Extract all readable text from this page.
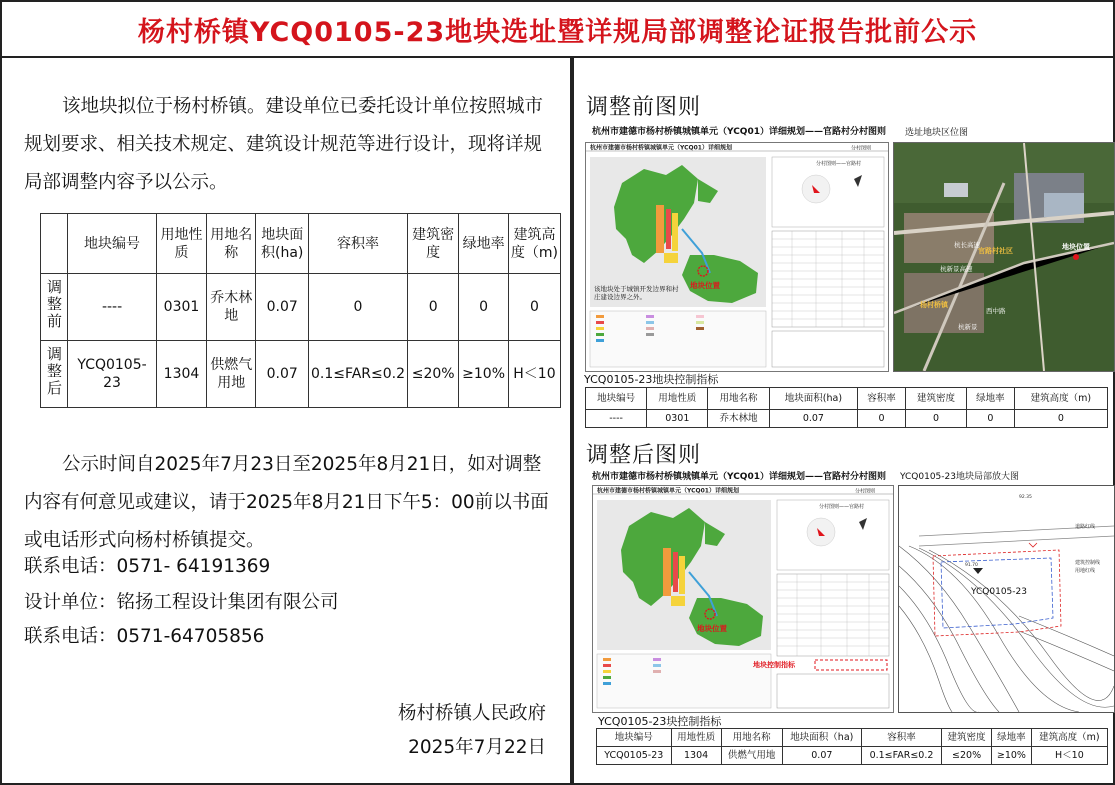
杨村桥镇YCQ0105-23地块选址暨详规局部调整论证报告批前公示

该地块拟位于杨村桥镇。建设单位已委托设计单位按照城市规划要求、相关技术规定、建筑设计规范等进行设计，现将详规局部调整内容予以公示。

	地块编号	用地性质	用地名称	地块面积(ha)	容积率	建筑密度	绿地率	建筑高度（m)
调整前	----	0301	乔木林地	0.07	0	0	0	0
调整后	YCQ0105-23	1304	供燃气用地	0.07	0.1≤FAR≤0.2	≤20%	≥10%	H＜10

公示时间自2025年7月23日至2025年8月21日，如对调整内容有何意见或建议，请于2025年8月21日下午5：00前以书面或电话形式向杨村桥镇提交。

联系电话：0571- 64191369
设计单位：铭扬工程设计集团有限公司
联系电话：0571-64705856
杨村桥镇人民政府
2025年7月22日
调整前图则
杭州市建德市杨村桥镇城镇单元（YCQ01）详细规划——官路村分村图则 选址地块区位图
杭州市建德市杨村桥镇城镇单元（YCQ01）详细规划	分村图则
地块位置
该地块处于城镇开发边界和村庄建设边界之外。
分村图则——官路村
杭长高速
杭新景高速
官路村社区
杨村桥镇
西中路
杭新景
地块位置
YCQ0105-23地块控制指标
地块编号	用地性质	用地名称	地块面积(ha)	容积率	建筑密度	绿地率	建筑高度（m)
----	0301	乔木林地	0.07	0	0	0	0
调整后图则
杭州市建德市杨村桥镇城镇单元（YCQ01）详细规划——官路村分村图则 YCQ0105-23地块局部放大图
杭州市建德市杨村桥镇城镇单元（YCQ01）详细规划	分村图则
地块位置
分村图则——官路村
地块控制指标
YCQ0105-23
91.70
92.35
道路红线
建筑控制线
用地红线
YCQ0105-23块控制指标
地块编号	用地性质	用地名称	地块面积（ha)	容积率	建筑密度	绿地率	建筑高度（m)
YCQ0105-23	1304	供燃气用地	0.07	0.1≤FAR≤0.2	≤20%	≥10%	H＜10
